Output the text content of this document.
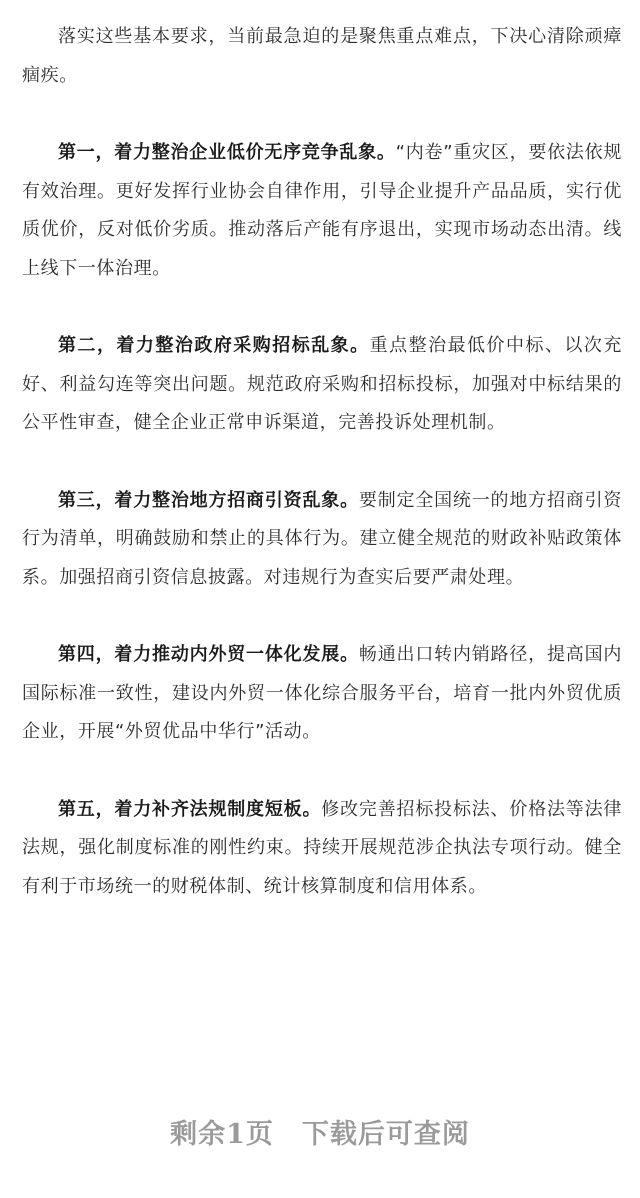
落实这些基本要求，当前最急迫的是聚焦重点难点，下决心清除顽瘴痼疾。

第一，着力整治企业低价无序竞争乱象。“内卷”重灾区，要依法依规有效治理。更好发挥行业协会自律作用，引导企业提升产品品质，实行优质优价，反对低价劣质。推动落后产能有序退出，实现市场动态出清。线上线下一体治理。

第二，着力整治政府采购招标乱象。重点整治最低价中标、以次充好、利益勾连等突出问题。规范政府采购和招标投标，加强对中标结果的公平性审查，健全企业正常申诉渠道，完善投诉处理机制。

第三，着力整治地方招商引资乱象。要制定全国统一的地方招商引资行为清单，明确鼓励和禁止的具体行为。建立健全规范的财政补贴政策体系。加强招商引资信息披露。对违规行为查实后要严肃处理。

第四，着力推动内外贸一体化发展。畅通出口转内销路径，提高国内国际标准一致性，建设内外贸一体化综合服务平台，培育一批内外贸优质企业，开展“外贸优品中华行”活动。

第五，着力补齐法规制度短板。修改完善招标投标法、价格法等法律法规，强化制度标准的刚性约束。持续开展规范涉企执法专项行动。健全有利于市场统一的财税体制、统计核算制度和信用体系。

剩余1页 下载后可查阅
